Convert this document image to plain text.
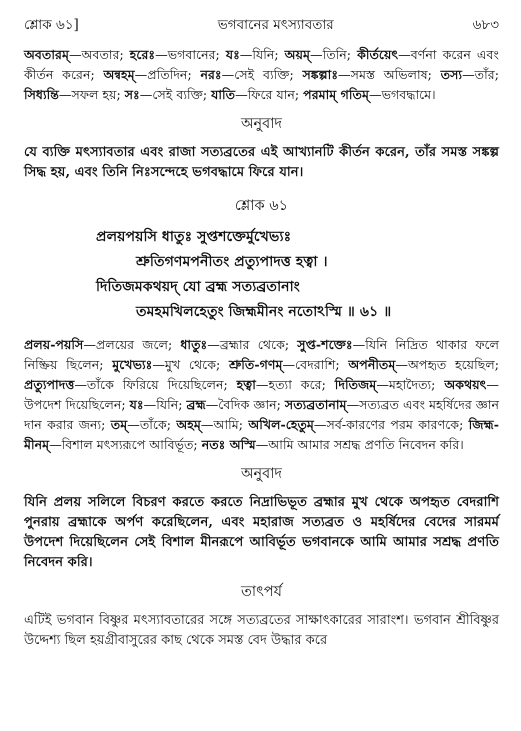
শ্লোক ৬১]	ভগবানের মৎস্যাবতার	৬৮৩

অবতারম্—অবতার; হরেঃ—ভগবানের; যঃ—যিনি; অয়ম্—তিনি; কীর্তয়েৎ—বর্ণনা করেন এবং কীর্তন করেন; অন্বহম্—প্রতিদিন; নরঃ—সেই ব্যক্তি; সঙ্কল্পাঃ—সমস্ত অভিলাষ; তস্য—তাঁর; সিধ্যন্তি—সফল হয়; সঃ—সেই ব্যক্তি; যাতি—ফিরে যান; পরমাম্ গতিম্—ভগবদ্ধামে।

অনুবাদ

যে ব্যক্তি মৎস্যাবতার এবং রাজা সত্যব্রতের এই আখ্যানটি কীর্তন করেন, তাঁর সমস্ত সঙ্কল্প সিদ্ধ হয়, এবং তিনি নিঃসন্দেহে ভগবদ্ধামে ফিরে যান।

শ্লোক ৬১
প্রলয়পয়সি ধাতুঃ সুপ্তশক্তের্মুখেভ্যঃ
শ্রুতিগণমপনীতং প্রত্যুপাদত্ত হত্বা ।
দিতিজমকথয়দ্ যো ব্রহ্ম সত্যব্রতানাং
তমহমখিলহেতুং জিহ্মমীনং নতোঽস্মি ॥ ৬১ ॥

প্রলয়-পয়সি—প্রলয়ের জলে; ধাতুঃ—ব্রহ্মার থেকে; সুপ্ত-শক্তেঃ—যিনি নিদ্রিত থাকার ফলে নিষ্ক্রিয় ছিলেন; মুখেভ্যঃ—মুখ থেকে; শ্রুতি-গণম্—বেদরাশি; অপনীতম্—অপহৃত হয়েছিল; প্রত্যুপাদত্ত—তাঁকে ফিরিয়ে দিয়েছিলেন; হত্বা—হত্যা করে; দিতিজম্—মহাদৈত্য; অকথয়ৎ—উপদেশ দিয়েছিলেন; যঃ—যিনি; ব্রহ্ম—বৈদিক জ্ঞান; সত্যব্রতানাম্—সত্যব্রত এবং মহর্ষিদের জ্ঞান দান করার জন্য; তম্—তাঁকে; অহম্—আমি; অখিল-হেতুম্—সর্ব-কারণের পরম কারণকে; জিহ্ম-মীনম্—বিশাল মৎস্যরূপে আবির্ভূত; নতঃ অস্মি—আমি আমার সশ্রদ্ধ প্রণতি নিবেদন করি।

অনুবাদ

যিনি প্রলয় সলিলে বিচরণ করতে করতে নিদ্রাভিভূত ব্রহ্মার মুখ থেকে অপহৃত বেদরাশি পুনরায় ব্রহ্মাকে অর্পণ করেছিলেন, এবং মহারাজ সত্যব্রত ও মহর্ষিদের বেদের সারমর্ম উপদেশ দিয়েছিলেন সেই বিশাল মীনরূপে আবির্ভূত ভগবানকে আমি আমার সশ্রদ্ধ প্রণতি নিবেদন করি।

তাৎপর্য

এটিই ভগবান বিষ্ণুর মৎস্যাবতারের সঙ্গে সত্যব্রতের সাক্ষাৎকারের সারাংশ। ভগবান শ্রীবিষ্ণুর উদ্দেশ্য ছিল হয়গ্রীবাসুরের কাছ থেকে সমস্ত বেদ উদ্ধার করে
